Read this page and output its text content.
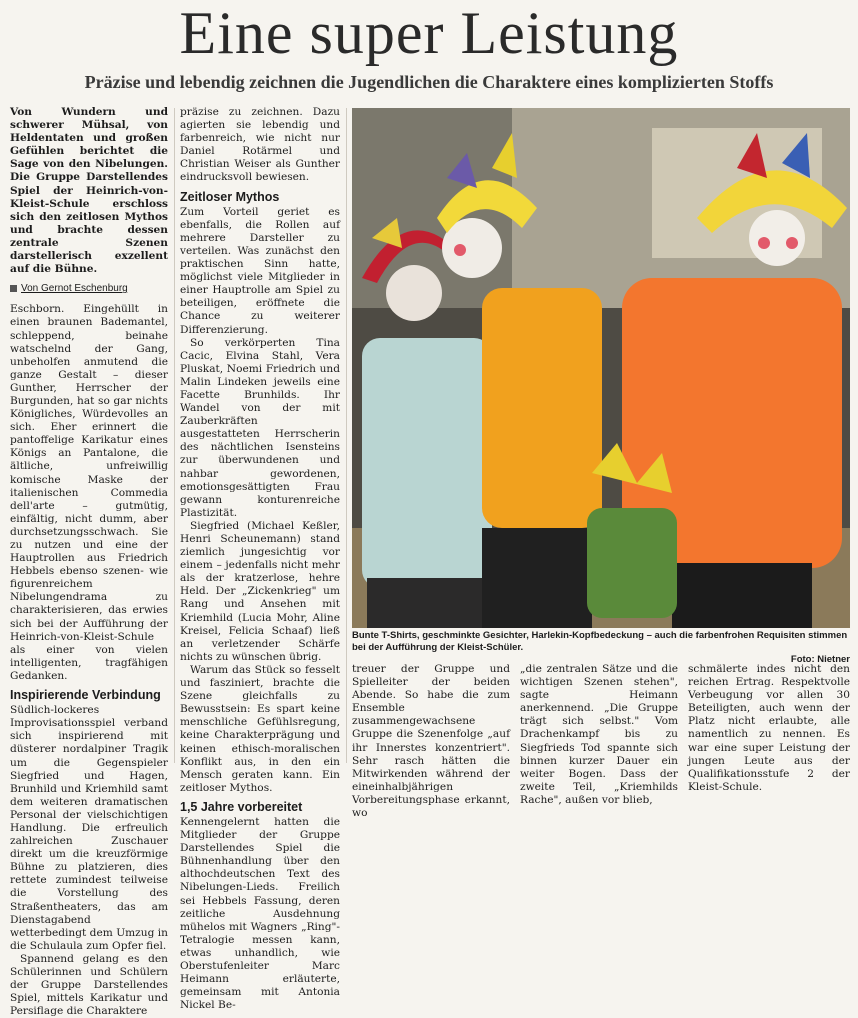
Eine super Leistung
Präzise und lebendig zeichnen die Jugendlichen die Charaktere eines komplizierten Stoffs

Von Wundern und schwerer Mühsal, von Heldentaten und großen Gefühlen berichtet die Sage von den Nibelungen. Die Gruppe Darstellendes Spiel der Heinrich-von-Kleist-Schule erschloss sich den zeitlosen Mythos und brachte dessen zentrale Szenen darstellerisch exzellent auf die Bühne.

Von Gernot Eschenburg

Eschborn. Eingehüllt in einen braunen Bademantel, schleppend, beinahe watschelnd der Gang, unbeholfen anmutend die ganze Gestalt – dieser Gunther, Herrscher der Burgunden, hat so gar nichts Königliches, Würdevolles an sich. Eher erinnert die pantoffelige Karikatur eines Königs an Pantalone, die ältliche, unfreiwillig komische Maske der italienischen Commedia dell'arte – gutmütig, einfältig, nicht dumm, aber durchsetzungsschwach. Sie zu nutzen und eine der Hauptrollen aus Friedrich Hebbels ebenso szenen- wie figurenreichem Nibelungendrama zu charakterisieren, das erwies sich bei der Aufführung der Heinrich-von-Kleist-Schule als einer von vielen intelligenten, tragfähigen Gedanken.

Inspirierende Verbindung

Südlich-lockeres Improvisationsspiel verband sich inspirierend mit düsterer nordalpiner Tragik um die Gegenspieler Siegfried und Hagen, Brunhild und Kriemhild samt dem weiteren dramatischen Personal der vielschichtigen Handlung. Die erfreulich zahlreichen Zuschauer direkt um die kreuzförmige Bühne zu platzieren, dies rettete zumindest teilweise die Vorstellung des Straßentheaters, das am Dienstagabend wetterbedingt dem Umzug in die Schulaula zum Opfer fiel.

Spannend gelang es den Schülerinnen und Schülern der Gruppe Darstellendes Spiel, mittels Karikatur und Persiflage die Charaktere

präzise zu zeichnen. Dazu agierten sie lebendig und farbenreich, wie nicht nur Daniel Rotärmel und Christian Weiser als Gunther eindrucksvoll bewiesen.

Zeitloser Mythos

Zum Vorteil geriet es ebenfalls, die Rollen auf mehrere Darsteller zu verteilen. Was zunächst den praktischen Sinn hatte, möglichst viele Mitglieder in einer Hauptrolle am Spiel zu beteiligen, eröffnete die Chance zu weiterer Differenzierung.

So verkörperten Tina Cacic, Elvina Stahl, Vera Pluskat, Noemi Friedrich und Malin Lindeken jeweils eine Facette Brunhilds. Ihr Wandel von der mit Zauberkräften ausgestatteten Herrscherin des nächtlichen Isensteins zur überwundenen und nahbar gewordenen, emotionsgesättigten Frau gewann konturenreiche Plastizität.

Siegfried (Michael Keßler, Henri Scheunemann) stand ziemlich jungesichtig vor einem – jedenfalls nicht mehr als der kratzerlose, hehre Held. Der „Zickenkrieg" um Rang und Ansehen mit Kriemhild (Lucia Mohr, Aline Kreisel, Felicia Schaaf) ließ an verletzender Schärfe nichts zu wünschen übrig.

Warum das Stück so fesselt und fasziniert, brachte die Szene gleichfalls zu Bewusstsein: Es spart keine menschliche Gefühlsregung, keine Charakterprägung und keinen ethisch-moralischen Konflikt aus, in den ein Mensch geraten kann. Ein zeitloser Mythos.

1,5 Jahre vorbereitet

Kennengelernt hatten die Mitglieder der Gruppe Darstellendes Spiel die Bühnenhandlung über den althochdeutschen Text des Nibelungen-Lieds. Freilich sei Hebbels Fassung, deren zeitliche Ausdehnung mühelos mit Wagners „Ring"-Tetralogie messen kann, etwas unhandlich, wie Oberstufenleiter Marc Heimann erläuterte, gemeinsam mit Antonia Nickel Be-

Bunte T-Shirts, geschminkte Gesichter, Harlekin-Kopfbedeckung – auch die farbenfrohen Requisiten stimmen bei der Aufführung der Kleist-Schüler.
Foto: Nietner

treuer der Gruppe und Spielleiter der beiden Abende. So habe die zum Ensemble zusammengewachsene Gruppe die Szenenfolge „auf ihr Innerstes konzentriert". Sehr rasch hätten die Mitwirkenden während der eineinhalbjährigen Vorbereitungsphase erkannt, wo

„die zentralen Sätze und die wichtigen Szenen stehen", sagte Heimann anerkennend. „Die Gruppe trägt sich selbst." Vom Drachenkampf bis zu Siegfrieds Tod spannte sich binnen kurzer Dauer ein weiter Bogen. Dass der zweite Teil, „Kriemhilds Rache", außen vor blieb,

schmälerte indes nicht den reichen Ertrag. Respektvolle Verbeugung vor allen 30 Beteiligten, auch wenn der Platz nicht erlaubte, alle namentlich zu nennen. Es war eine super Leistung der jungen Leute aus der Qualifikationsstufe 2 der Kleist-Schule.
